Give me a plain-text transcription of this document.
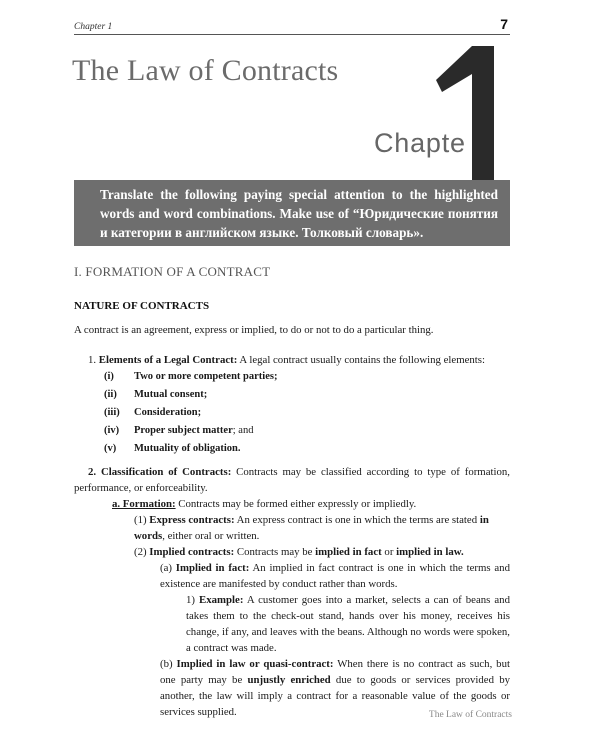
Chapter 1	7
The Law of Contracts
Chapte
Translate the following paying special attention to the highlighted words and word combinations. Make use of “Юридические понятия и категории в английском языке. Толковый словарь».
I. FORMATION OF A CONTRACT
NATURE OF CONTRACTS
A contract is an agreement, express or implied, to do or not to do a particular thing.
1. Elements of a Legal Contract: A legal contract usually contains the following elements:
(i) Two or more competent parties;
(ii) Mutual consent;
(iii) Consideration;
(iv) Proper subject matter; and
(v) Mutuality of obligation.
2. Classification of Contracts: Contracts may be classified according to type of formation, performance, or enforceability.
a. Formation: Contracts may be formed either expressly or impliedly.
(1) Express contracts: An express contract is one in which the terms are stated in words, either oral or written.
(2) Implied contracts: Contracts may be implied in fact or implied in law.
(a) Implied in fact: An implied in fact contract is one in which the terms and existence are manifested by conduct rather than words.
1) Example: A customer goes into a market, selects a can of beans and takes them to the check-out stand, hands over his money, receives his change, if any, and leaves with the beans. Although no words were spoken, a contract was made.
(b) Implied in law or quasi-contract: When there is no contract as such, but one party may be unjustly enriched due to goods or services provided by another, the law will imply a contract for a reasonable value of the goods or services supplied.	The Law of Contracts
